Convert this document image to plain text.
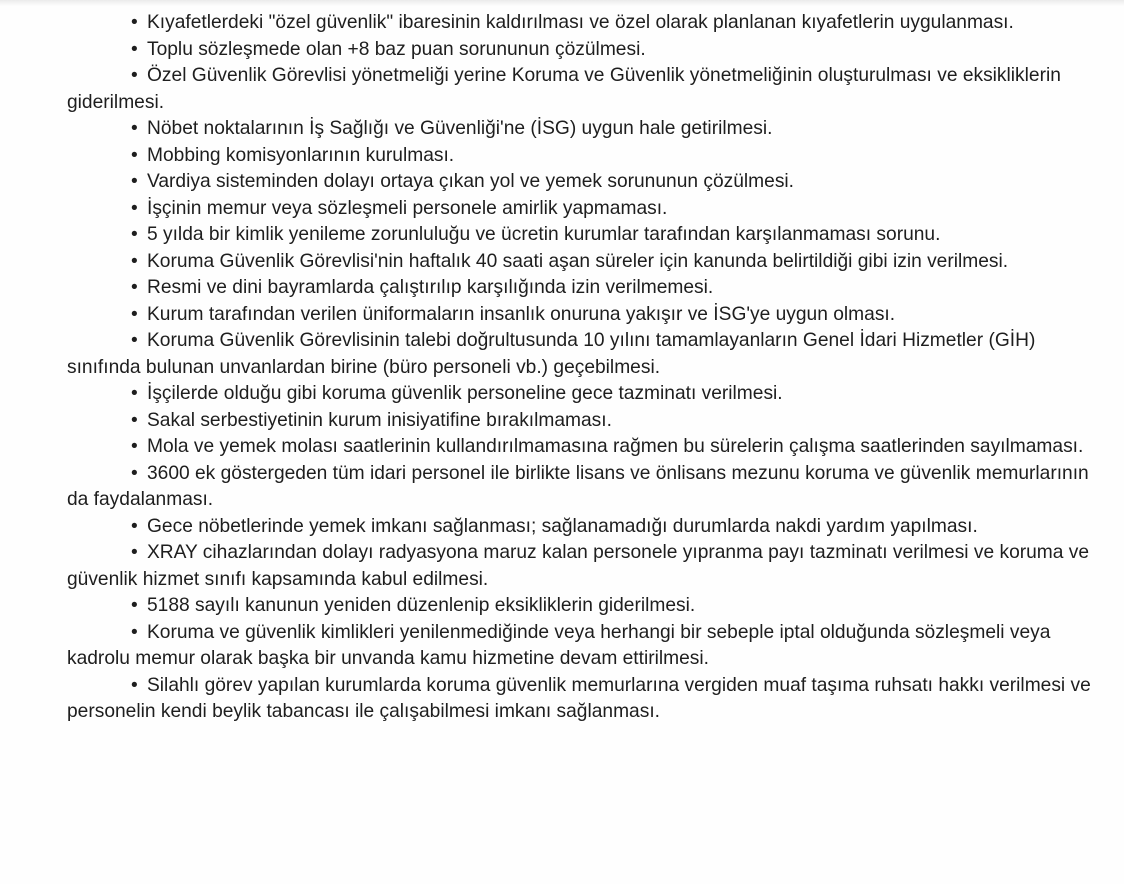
• Kıyafetlerdeki "özel güvenlik" ibaresinin kaldırılması ve özel olarak planlanan kıyafetlerin uygulanması.
• Toplu sözleşmede olan +8 baz puan sorununun çözülmesi.
• Özel Güvenlik Görevlisi yönetmeliği yerine Koruma ve Güvenlik yönetmeliğinin oluşturulması ve eksikliklerin giderilmesi.
• Nöbet noktalarının İş Sağlığı ve Güvenliği'ne (İSG) uygun hale getirilmesi.
• Mobbing komisyonlarının kurulması.
• Vardiya sisteminden dolayı ortaya çıkan yol ve yemek sorununun çözülmesi.
• İşçinin memur veya sözleşmeli personele amirlik yapmaması.
• 5 yılda bir kimlik yenileme zorunluluğu ve ücretin kurumlar tarafından karşılanmaması sorunu.
• Koruma Güvenlik Görevlisi'nin haftalık 40 saati aşan süreler için kanunda belirtildiği gibi izin verilmesi.
• Resmi ve dini bayramlarda çalıştırılıp karşılığında izin verilmemesi.
• Kurum tarafından verilen üniformaların insanlık onuruna yakışır ve İSG'ye uygun olması.
• Koruma Güvenlik Görevlisinin talebi doğrultusunda 10 yılını tamamlayanların Genel İdari Hizmetler (GİH) sınıfında bulunan unvanlardan birine (büro personeli vb.) geçebilmesi.
• İşçilerde olduğu gibi koruma güvenlik personeline gece tazminatı verilmesi.
• Sakal serbestiyetinin kurum inisiyatifine bırakılmaması.
• Mola ve yemek molası saatlerinin kullandırılmamasına rağmen bu sürelerin çalışma saatlerinden sayılmaması.
• 3600 ek göstergeden tüm idari personel ile birlikte lisans ve önlisans mezunu koruma ve güvenlik memurlarının da faydalanması.
• Gece nöbetlerinde yemek imkanı sağlanması; sağlanamadığı durumlarda nakdi yardım yapılması.
• XRAY cihazlarından dolayı radyasyona maruz kalan personele yıpranma payı tazminatı verilmesi ve koruma ve güvenlik hizmet sınıfı kapsamında kabul edilmesi.
• 5188 sayılı kanunun yeniden düzenlenip eksikliklerin giderilmesi.
• Koruma ve güvenlik kimlikleri yenilenmediğinde veya herhangi bir sebeple iptal olduğunda sözleşmeli veya kadrolu memur olarak başka bir unvanda kamu hizmetine devam ettirilmesi.
• Silahlı görev yapılan kurumlarda koruma güvenlik memurlarına vergiden muaf taşıma ruhsatı hakkı verilmesi ve personelin kendi beylik tabancası ile çalışabilmesi imkanı sağlanması.
